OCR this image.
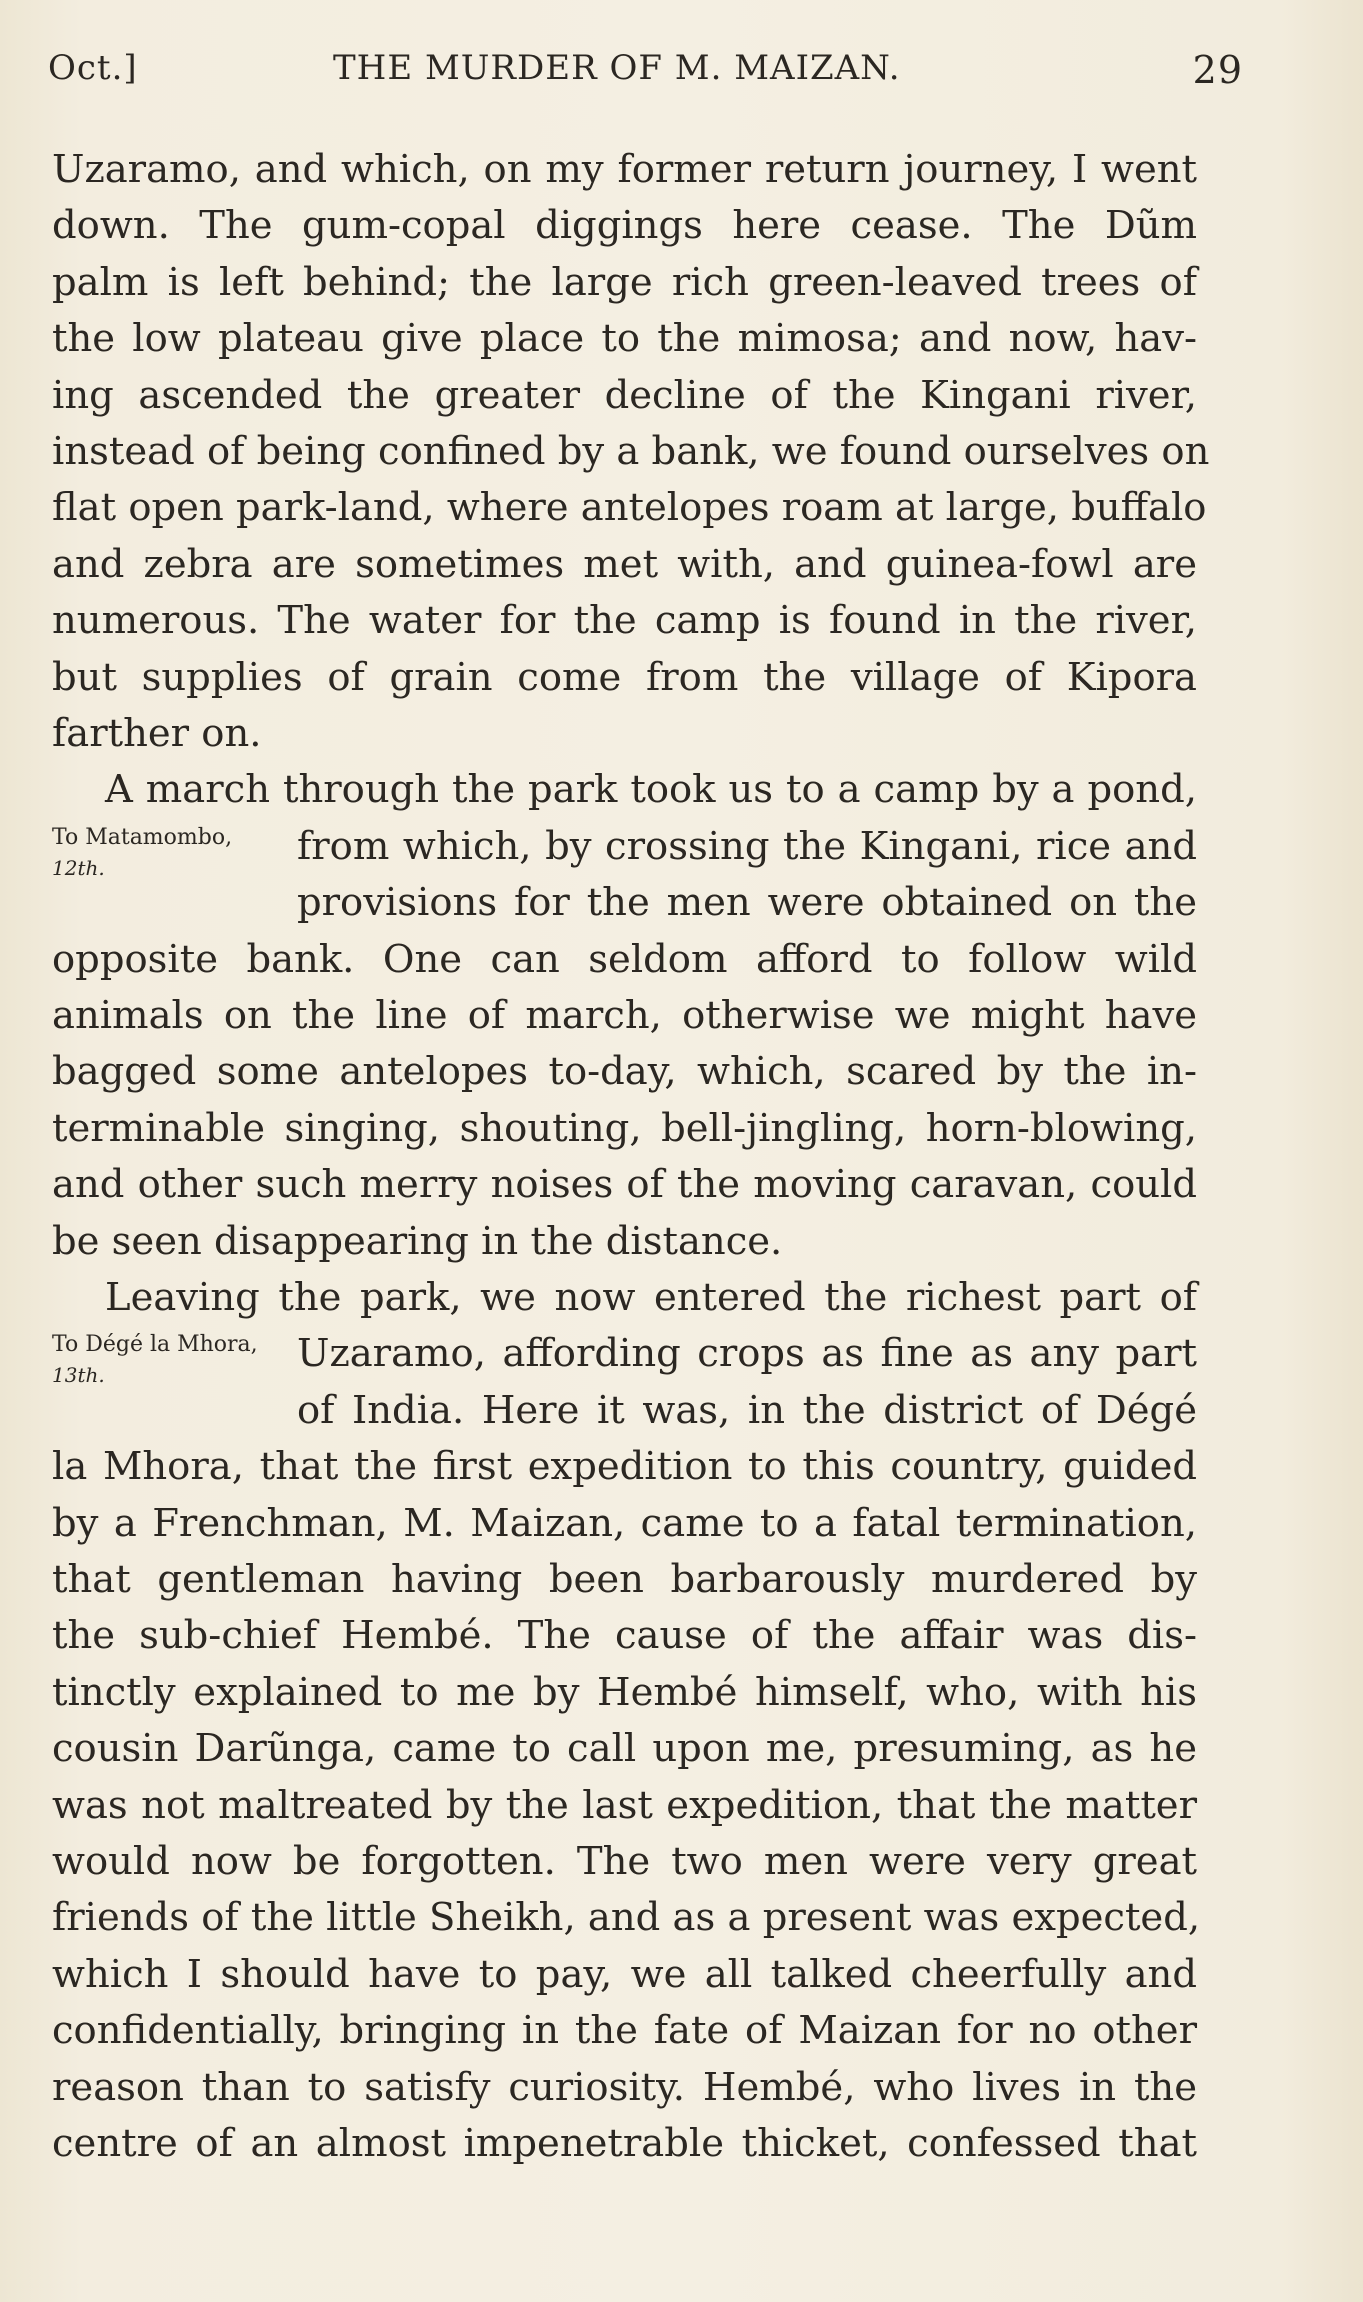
Oct.]	THE MURDER OF M. MAIZAN.	29
Uzaramo, and which, on my former return journey, I went
down. The gum-copal diggings here cease. The Dũm
palm is left behind; the large rich green-leaved trees of
the low plateau give place to the mimosa; and now, hav-
ing ascended the greater decline of the Kingani river,
instead of being confined by a bank, we found ourselves on
flat open park-land, where antelopes roam at large, buffalo
and zebra are sometimes met with, and guinea-fowl are
numerous. The water for the camp is found in the river,
but supplies of grain come from the village of Kipora
farther on.
A march through the park took us to a camp by a pond,
To Matamombo,
12th.	from which, by crossing the Kingani, rice and
provisions for the men were obtained on the
opposite bank. One can seldom afford to follow wild
animals on the line of march, otherwise we might have
bagged some antelopes to-day, which, scared by the in-
terminable singing, shouting, bell-jingling, horn-blowing,
and other such merry noises of the moving caravan, could
be seen disappearing in the distance.
Leaving the park, we now entered the richest part of
To Dégé la Mhora,
13th.	Uzaramo, affording crops as fine as any part
of India. Here it was, in the district of Dégé
la Mhora, that the first expedition to this country, guided
by a Frenchman, M. Maizan, came to a fatal termination,
that gentleman having been barbarously murdered by
the sub-chief Hembé. The cause of the affair was dis-
tinctly explained to me by Hembé himself, who, with his
cousin Darũnga, came to call upon me, presuming, as he
was not maltreated by the last expedition, that the matter
would now be forgotten. The two men were very great
friends of the little Sheikh, and as a present was expected,
which I should have to pay, we all talked cheerfully and
confidentially, bringing in the fate of Maizan for no other
reason than to satisfy curiosity. Hembé, who lives in the
centre of an almost impenetrable thicket, confessed that
